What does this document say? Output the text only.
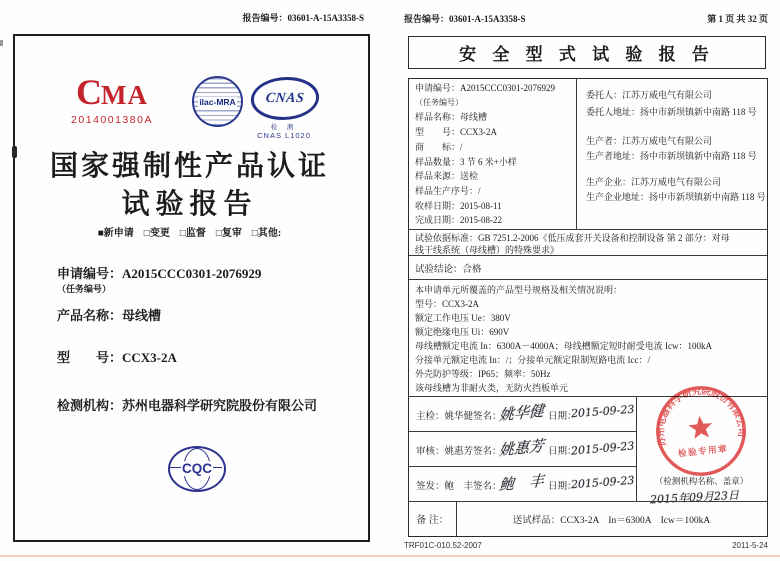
报告编号：03601-A-15A3358-S
CMA
2014001380A
ilac-MRA CNAS
检 测
CNAS L1020
国家强制性产品认证
试验报告
■新申请　□变更　□监督　□复审　□其他:
申请编号：A2015CCC0301-2076929
（任务编号）
产品名称：母线槽
型　　号：CCX3-2A
检测机构：苏州电器科学研究院股份有限公司
CQC
报告编号：03601-A-15A3358-S	第 1 页 共 32 页
安 全 型 式 试 验 报 告
申请编号：A2015CCC0301-2076929
（任务编号）
样品名称：母线槽
型　　号：CCX3-2A
商　　标：/
样品数量：3 节 6 米+小样
样品来源：送检
样品生产序号：/
收样日期：2015-08-11
完成日期：2015-08-22
委托人：江苏万威电气有限公司
委托人地址：扬中市新坝镇新中南路 118 号
生产者：江苏万威电气有限公司
生产者地址：扬中市新坝镇新中南路 118 号
生产企业：江苏万威电气有限公司
生产企业地址：扬中市新坝镇新中南路 118 号
试验依据标准：GB 7251.2-2006《低压成套开关设备和控制设备 第 2 部分：对母
线干线系统（母线槽）的特殊要求》
试验结论：合格
本申请单元所覆盖的产品型号规格及相关情况说明：
型号：CCX3-2A
额定工作电压 Ue：380V
额定绝缘电压 Ui：690V
母线槽额定电流 In：6300A－4000A；母线槽额定短时耐受电流 Icw：100kA
分接单元额定电流 In：/；分接单元额定限制短路电流 Icc：/
外壳防护等级：IP65；频率：50Hz
该母线槽为非耐火类，无防火挡板单元
主检：姚华健 签名：
姚华健 日期：
2015-09-23
审核：姚惠芳 签名：
姚惠芳 日期：
2015-09-23
签发：鲍　丰 签名：
鲍　丰 日期：
2015-09-23	（检测机构名称、盖章）
2015年09月23日
苏州电器科学研究院股份有限公司
检验专用章
备 注：	送试样品：CCX3-2A　In＝6300A　Icw＝100kA
TRF01C-010.52-2007	2011-5-24
